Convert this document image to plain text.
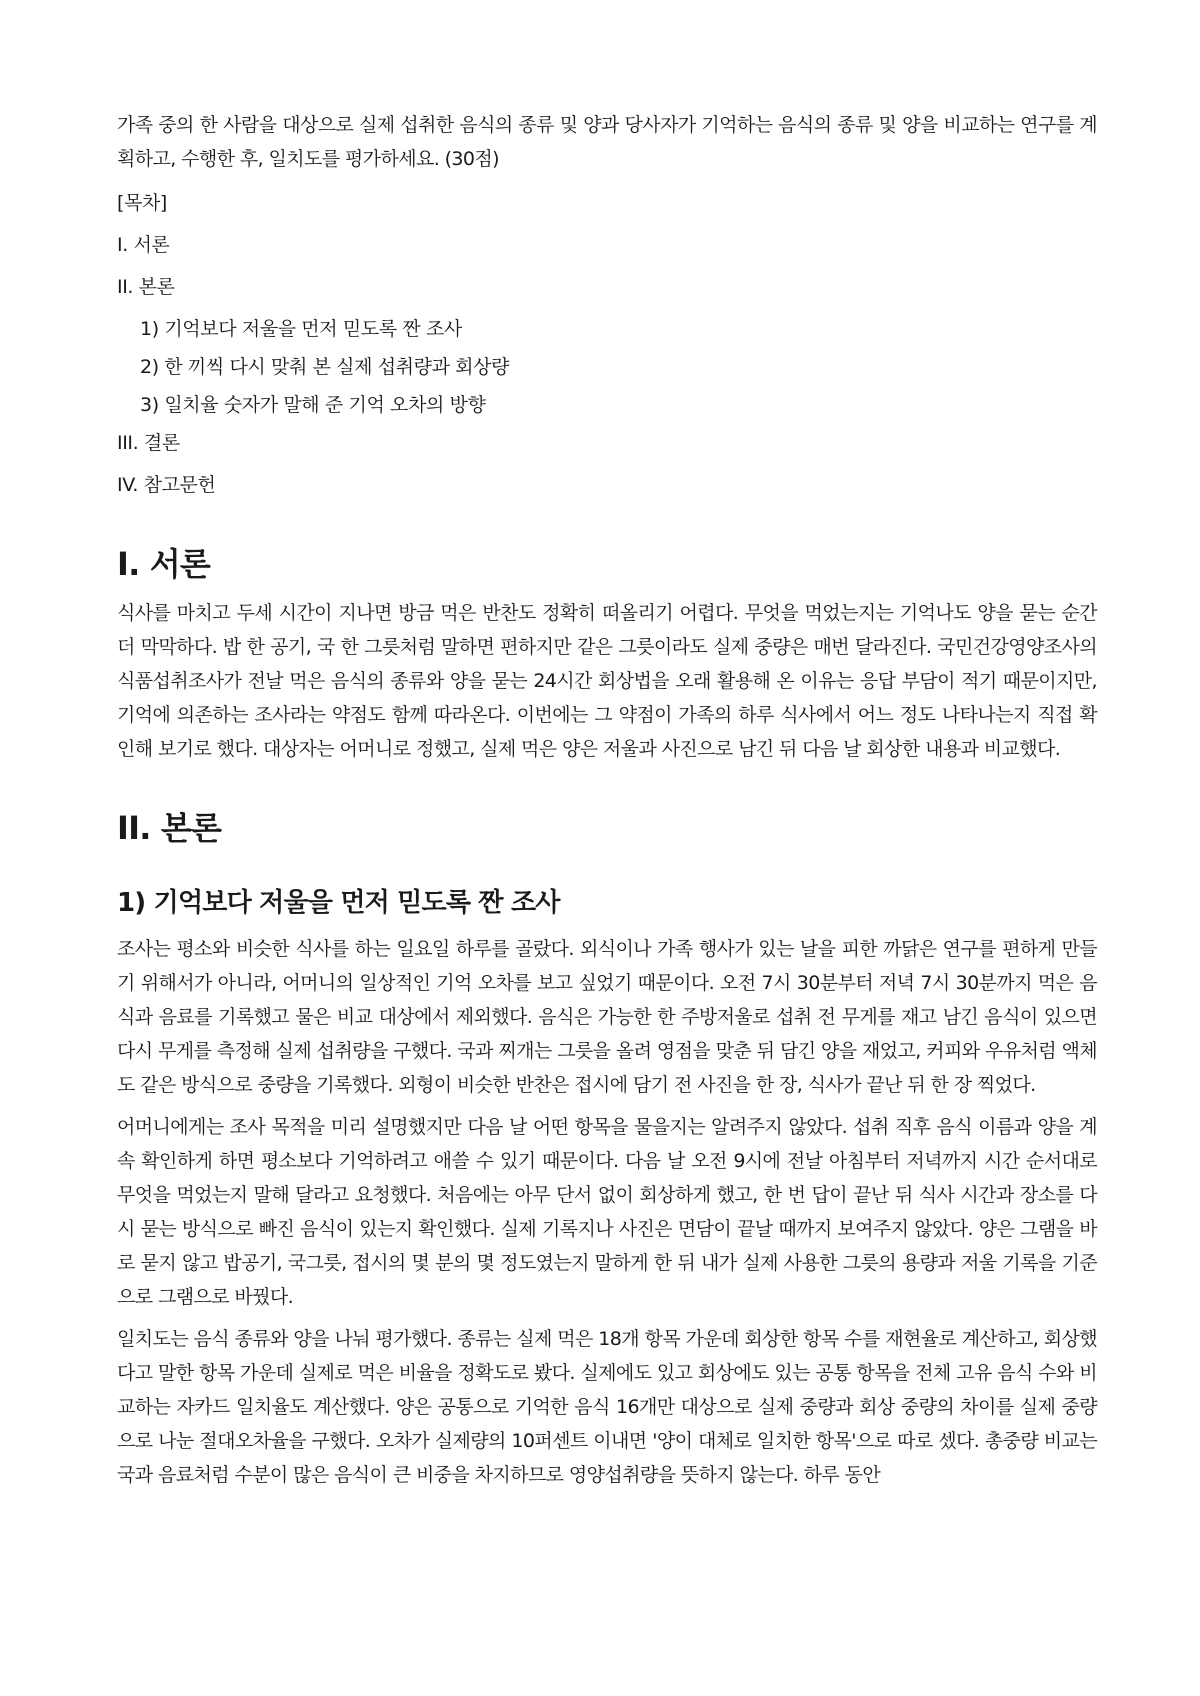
가족 중의 한 사람을 대상으로 실제 섭취한 음식의 종류 및 양과 당사자가 기억하는 음식의 종류 및 양을 비교하는 연구를 계획하고, 수행한 후, 일치도를 평가하세요. (30점)

[목차]
I. 서론
II. 본론
1) 기억보다 저울을 먼저 믿도록 짠 조사
2) 한 끼씩 다시 맞춰 본 실제 섭취량과 회상량
3) 일치율 숫자가 말해 준 기억 오차의 방향
III. 결론
IV. 참고문헌
I. 서론

식사를 마치고 두세 시간이 지나면 방금 먹은 반찬도 정확히 떠올리기 어렵다. 무엇을 먹었는지는 기억나도 양을 묻는 순간 더 막막하다. 밥 한 공기, 국 한 그릇처럼 말하면 편하지만 같은 그릇이라도 실제 중량은 매번 달라진다. 국민건강영양조사의 식품섭취조사가 전날 먹은 음식의 종류와 양을 묻는 24시간 회상법을 오래 활용해 온 이유는 응답 부담이 적기 때문이지만, 기억에 의존하는 조사라는 약점도 함께 따라온다. 이번에는 그 약점이 가족의 하루 식사에서 어느 정도 나타나는지 직접 확인해 보기로 했다. 대상자는 어머니로 정했고, 실제 먹은 양은 저울과 사진으로 남긴 뒤 다음 날 회상한 내용과 비교했다.

II. 본론
1) 기억보다 저울을 먼저 믿도록 짠 조사

조사는 평소와 비슷한 식사를 하는 일요일 하루를 골랐다. 외식이나 가족 행사가 있는 날을 피한 까닭은 연구를 편하게 만들기 위해서가 아니라, 어머니의 일상적인 기억 오차를 보고 싶었기 때문이다. 오전 7시 30분부터 저녁 7시 30분까지 먹은 음식과 음료를 기록했고 물은 비교 대상에서 제외했다. 음식은 가능한 한 주방저울로 섭취 전 무게를 재고 남긴 음식이 있으면 다시 무게를 측정해 실제 섭취량을 구했다. 국과 찌개는 그릇을 올려 영점을 맞춘 뒤 담긴 양을 재었고, 커피와 우유처럼 액체도 같은 방식으로 중량을 기록했다. 외형이 비슷한 반찬은 접시에 담기 전 사진을 한 장, 식사가 끝난 뒤 한 장 찍었다.

어머니에게는 조사 목적을 미리 설명했지만 다음 날 어떤 항목을 물을지는 알려주지 않았다. 섭취 직후 음식 이름과 양을 계속 확인하게 하면 평소보다 기억하려고 애쓸 수 있기 때문이다. 다음 날 오전 9시에 전날 아침부터 저녁까지 시간 순서대로 무엇을 먹었는지 말해 달라고 요청했다. 처음에는 아무 단서 없이 회상하게 했고, 한 번 답이 끝난 뒤 식사 시간과 장소를 다시 묻는 방식으로 빠진 음식이 있는지 확인했다. 실제 기록지나 사진은 면담이 끝날 때까지 보여주지 않았다. 양은 그램을 바로 묻지 않고 밥공기, 국그릇, 접시의 몇 분의 몇 정도였는지 말하게 한 뒤 내가 실제 사용한 그릇의 용량과 저울 기록을 기준으로 그램으로 바꿨다.

일치도는 음식 종류와 양을 나눠 평가했다. 종류는 실제 먹은 18개 항목 가운데 회상한 항목 수를 재현율로 계산하고, 회상했다고 말한 항목 가운데 실제로 먹은 비율을 정확도로 봤다. 실제에도 있고 회상에도 있는 공통 항목을 전체 고유 음식 수와 비교하는 자카드 일치율도 계산했다. 양은 공통으로 기억한 음식 16개만 대상으로 실제 중량과 회상 중량의 차이를 실제 중량으로 나눈 절대오차율을 구했다. 오차가 실제량의 10퍼센트 이내면 '양이 대체로 일치한 항목'으로 따로 셌다. 총중량 비교는 국과 음료처럼 수분이 많은 음식이 큰 비중을 차지하므로 영양섭취량을 뜻하지 않는다. 하루 동안
